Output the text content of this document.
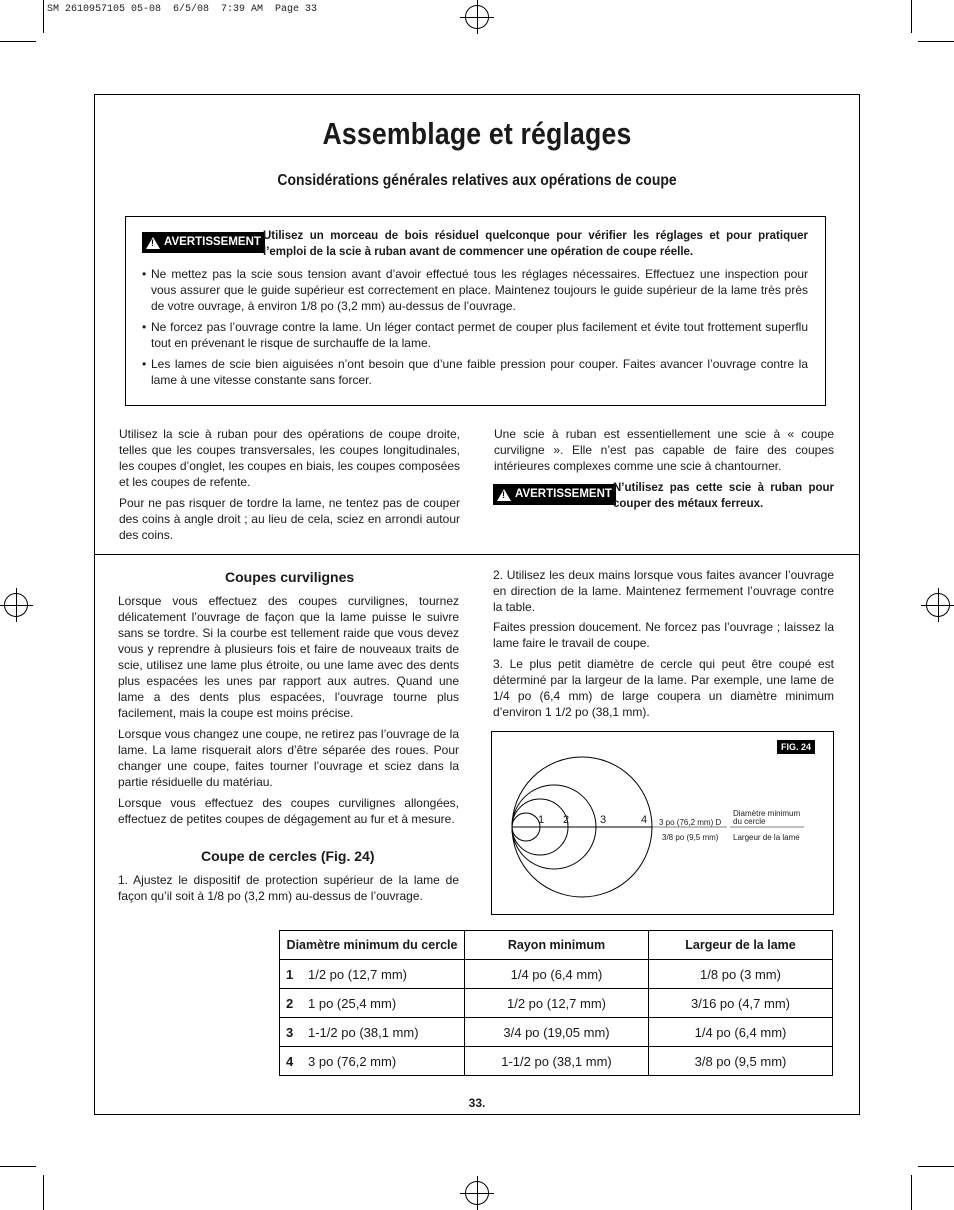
SM 2610957105 05-08  6/5/08  7:39 AM  Page 33
Assemblage et réglages
Considérations générales relatives aux opérations de coupe
! AVERTISSEMENT Utilisez un morceau de bois résiduel quelconque pour vérifier les réglages et pour pratiquer l’emploi de la scie à ruban avant de commencer une opération de coupe réelle.
• Ne mettez pas la scie sous tension avant d’avoir effectué tous les réglages nécessaires. Effectuez une inspection pour vous assurer que le guide supérieur est correctement en place. Maintenez toujours le guide supérieur de la lame très près de votre ouvrage, à environ 1/8 po (3,2 mm) au-dessus de l’ouvrage.
• Ne forcez pas l’ouvrage contre la lame. Un léger contact permet de couper plus facilement et évite tout frottement superflu tout en prévenant le risque de surchauffe de la lame.
• Les lames de scie bien aiguisées n’ont besoin que d’une faible pression pour couper. Faites avancer l’ouvrage contre la lame à une vitesse constante sans forcer.

Utilisez la scie à ruban pour des opérations de coupe droite, telles que les coupes transversales, les coupes longitudinales, les coupes d’onglet, les coupes en biais, les coupes composées et les coupes de refente.

Pour ne pas risquer de tordre la lame, ne tentez pas de couper des coins à angle droit ; au lieu de cela, sciez en arrondi autour des coins.

Une scie à ruban est essentiellement une scie à « coupe curviligne ». Elle n’est pas capable de faire des coupes intérieures complexes comme une scie à chantourner.

! AVERTISSEMENT N’utilisez pas cette scie à ruban pour couper des métaux ferreux.
Coupes curvilignes

Lorsque vous effectuez des coupes curvilignes, tournez délicatement l’ouvrage de façon que la lame puisse le suivre sans se tordre. Si la courbe est tellement raide que vous devez vous y reprendre à plusieurs fois et faire de nouveaux traits de scie, utilisez une lame plus étroite, ou une lame avec des dents plus espacées les unes par rapport aux autres. Quand une lame a des dents plus espacées, l’ouvrage tourne plus facilement, mais la coupe est moins précise.

Lorsque vous changez une coupe, ne retirez pas l’ouvrage de la lame. La lame risquerait alors d’être séparée des roues. Pour changer une coupe, faites tourner l’ouvrage et sciez dans la partie résiduelle du matériau.

Lorsque vous effectuez des coupes curvilignes allongées, effectuez de petites coupes de dégagement au fur et à mesure.

Coupe de cercles (Fig. 24)
1. Ajustez le dispositif de protection supérieur de la lame de façon qu’il soit à 1/8 po (3,2 mm) au-dessus de l’ouvrage.
2. Utilisez les deux mains lorsque vous faites avancer l’ouvrage en direction de la lame. Maintenez fermement l’ouvrage contre la table.
Faites pression doucement. Ne forcez pas l’ouvrage ; laissez la lame faire le travail de coupe.
3. Le plus petit diamètre de cercle qui peut être coupé est déterminé par la largeur de la lame. Par exemple, une lame de 1/4 po (6,4 mm) de large coupera un diamètre minimum d’environ 1 1/2 po (38,1 mm).
1 2	3	4 3 po (76,2 mm) D
Diamètre minimum
du cercle
3/8 po (9,5 mm) Largeur de la lame
FIG. 24
Diamètre minimum du cercle	Rayon minimum	Largeur de la lame
1 1/2 po (12,7 mm)	1/4 po (6,4 mm)	1/8 po (3 mm)
2 1 po (25,4 mm)	1/2 po (12,7 mm)	3/16 po (4,7 mm)
3 1-1/2 po (38,1 mm)	3/4 po (19,05 mm)	1/4 po (6,4 mm)
4 3 po (76,2 mm)	1-1/2 po (38,1 mm)	3/8 po (9,5 mm)
33.
